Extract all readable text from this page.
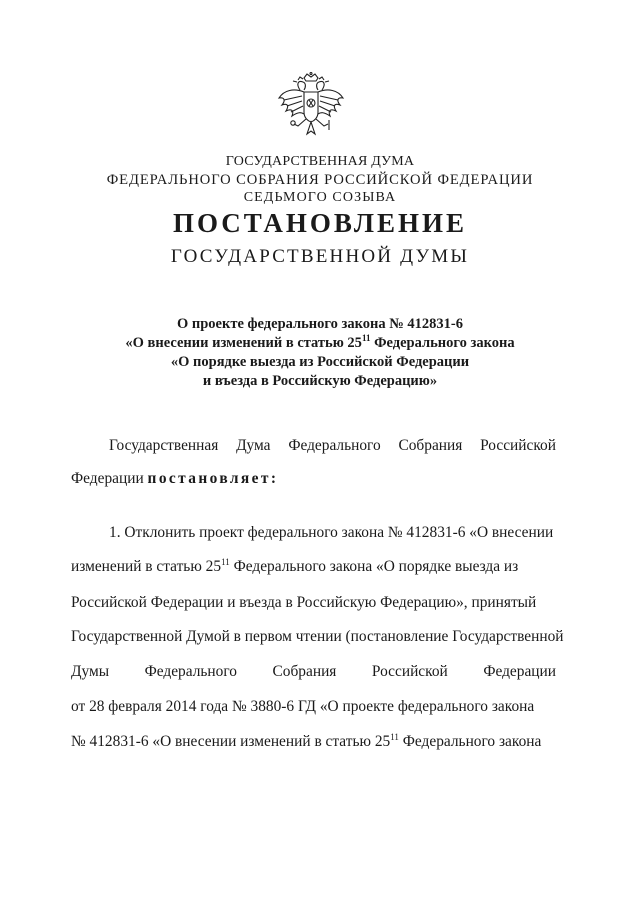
ГОСУДАРСТВЕННАЯ ДУМА
ФЕДЕРАЛЬНОГО СОБРАНИЯ РОССИЙСКОЙ ФЕДЕРАЦИИ
СЕДЬМОГО СОЗЫВА
ПОСТАНОВЛЕНИЕ
ГОСУДАРСТВЕННОЙ ДУМЫ
О проекте федерального закона № 412831-6
«О внесении изменений в статью $25^{11}$ Федерального закона
«О порядке выезда из Российской Федерации
и въезда в Российскую Федерацию»
Государственная Дума Федерального Собрания Российской
Федерации постановляет:
1. Отклонить проект федерального закона № 412831-6 «О внесении
изменений в статью $25^{11}$ Федерального закона «О порядке выезда из
Российской Федерации и въезда в Российскую Федерацию», принятый
Государственной Думой в первом чтении (постановление Государственной
Думы Федерального Собрания Российской Федерации
от 28 февраля 2014 года № 3880-6 ГД «О проекте федерального закона
№ 412831-6 «О внесении изменений в статью $25^{11}$ Федерального закона
